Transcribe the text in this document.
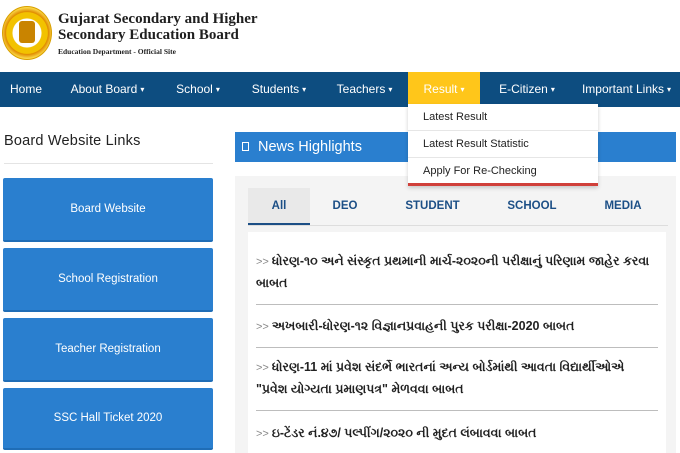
Gujarat Secondary and Higher Secondary Education Board
Education Department - Official Site
Home	About Board ▾	School ▾	Students ▾	Teachers ▾	Result ▾	E-Citizen ▾	Important Links ▾
Latest Result
Latest Result Statistic
Apply For Re-Checking
Board Website Links
Board Website
School Registration
Teacher Registration
SSC Hall Ticket 2020
News Highlights
All	DEO	STUDENT	SCHOOL	MEDIA
>> ધોરણ-૧૦ અને સંસ્કૃત પ્રથમાની માર્ચ-૨૦૨૦ની પરીક્ષાનું પરિણામ જાહેર કરવા બાબત
>> અખબારી-ધોરણ-૧૨ વિજ્ઞાનપ્રવાહની પુરક પરીક્ષા-2020 બાબત
>> ધોરણ-11 માં પ્રવેશ સંદર્ભે ભારતનાં અન્ય બોર્ડમાંથી આવતા વિદ્યાર્થીઓએ "પ્રવેશ યોગ્યતા પ્રમાણપત્ર" મેળવવા બાબત
>> ઇ-ટેંડર નં.૪૭/ પલ્પીંગ/૨૦૨૦ ની મુદત લંબાવવા બાબત
